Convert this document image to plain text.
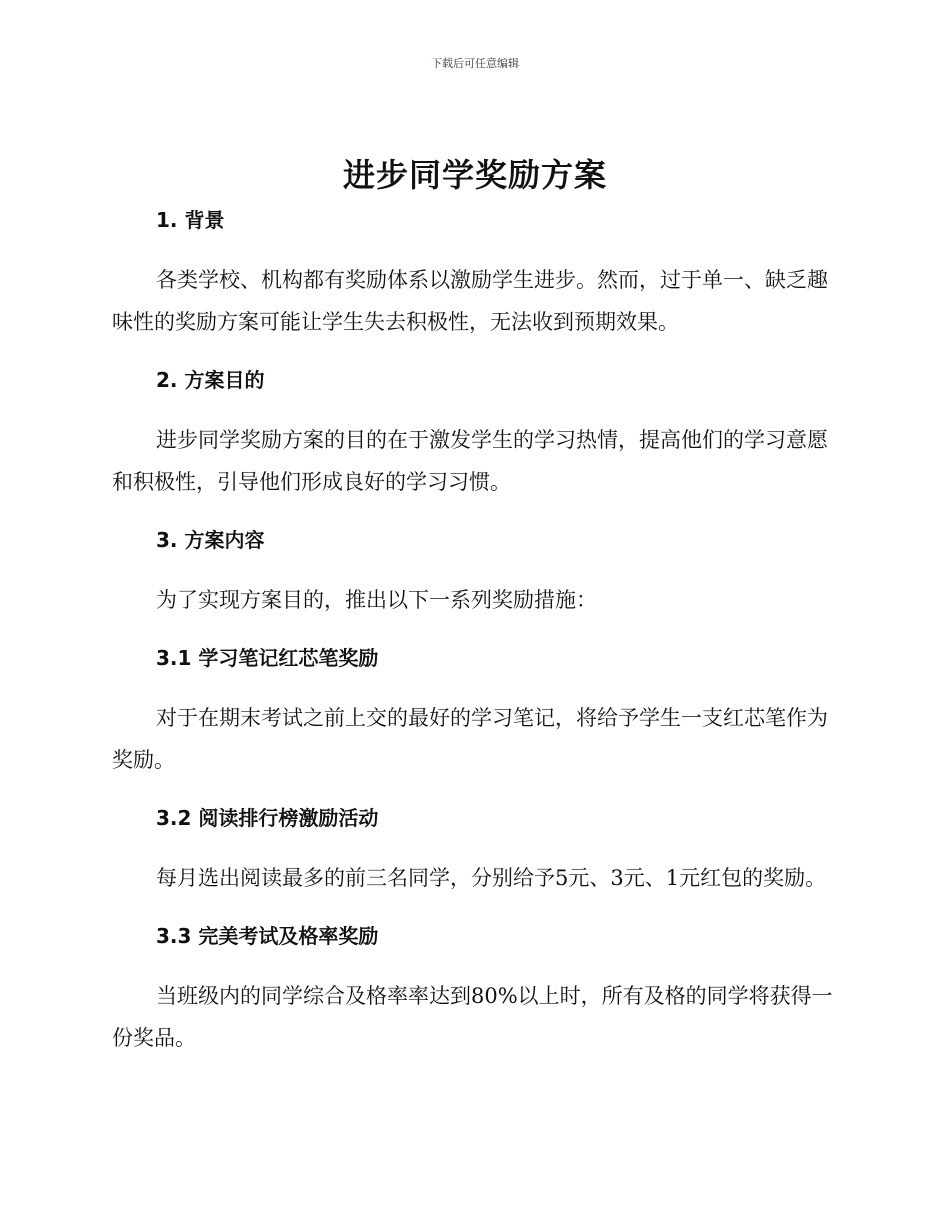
下载后可任意编辑
进步同学奖励方案

1. 背景

各类学校、机构都有奖励体系以激励学生进步。然而，过于单一、缺乏趣味性的奖励方案可能让学生失去积极性，无法收到预期效果。

2. 方案目的

进步同学奖励方案的目的在于激发学生的学习热情，提高他们的学习意愿和积极性，引导他们形成良好的学习习惯。

3. 方案内容

为了实现方案目的，推出以下一系列奖励措施：

3.1 学习笔记红芯笔奖励

对于在期末考试之前上交的最好的学习笔记，将给予学生一支红芯笔作为奖励。

3.2 阅读排行榜激励活动

每月选出阅读最多的前三名同学，分别给予5元、3元、1元红包的奖励。

3.3 完美考试及格率奖励

当班级内的同学综合及格率率达到80%以上时，所有及格的同学将获得一份奖品。
